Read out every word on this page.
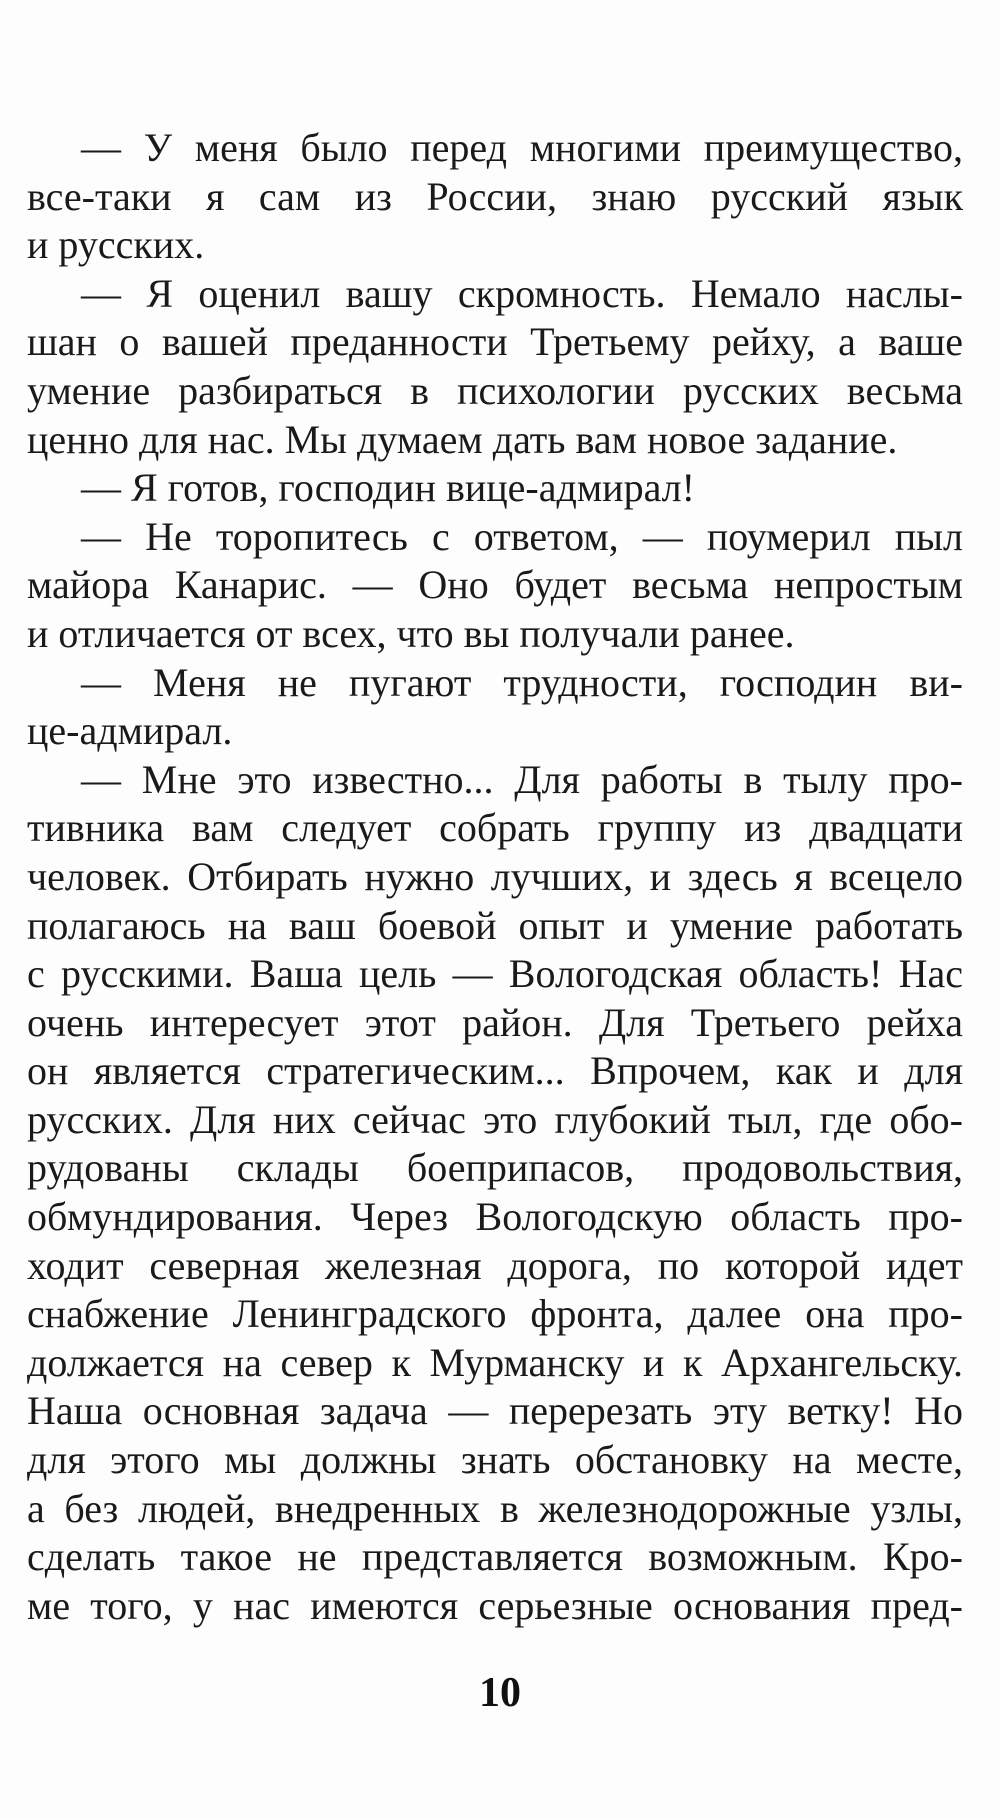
— У меня было перед многими преимущество,
все-таки я сам из России, знаю русский язык
и русских.
— Я оценил вашу скромность. Немало наслы-
шан о вашей преданности Третьему рейху, а ваше
умение разбираться в психологии русских весьма
ценно для нас. Мы думаем дать вам новое задание.
— Я готов, господин вице-адмирал!
— Не торопитесь с ответом, — поумерил пыл
майора Канарис. — Оно будет весьма непростым
и отличается от всех, что вы получали ранее.
— Меня не пугают трудности, господин ви-
це-адмирал.
— Мне это известно... Для работы в тылу про-
тивника вам следует собрать группу из двадцати
человек. Отбирать нужно лучших, и здесь я всецело
полагаюсь на ваш боевой опыт и умение работать
с русскими. Ваша цель — Вологодская область! Нас
очень интересует этот район. Для Третьего рейха
он является стратегическим... Впрочем, как и для
русских. Для них сейчас это глубокий тыл, где обо-
рудованы склады боеприпасов, продовольствия,
обмундирования. Через Вологодскую область про-
ходит северная железная дорога, по которой идет
снабжение Ленинградского фронта, далее она про-
должается на север к Мурманску и к Архангельску.
Наша основная задача — перерезать эту ветку! Но
для этого мы должны знать обстановку на месте,
а без людей, внедренных в железнодорожные узлы,
сделать такое не представляется возможным. Кро-
ме того, у нас имеются серьезные основания пред-
10
